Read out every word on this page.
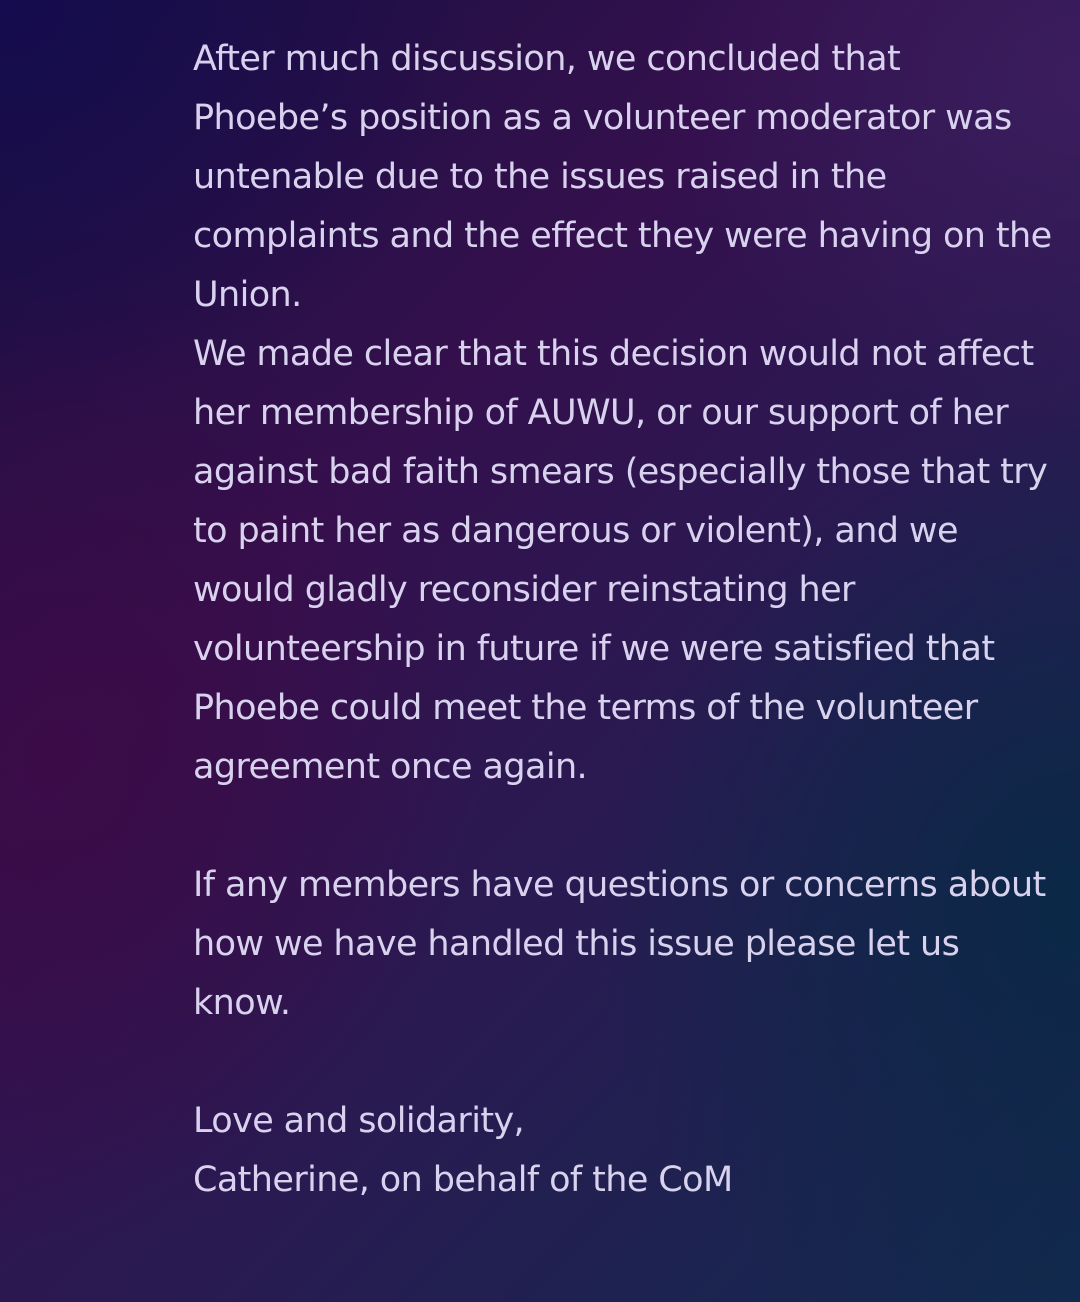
After much discussion, we concluded that Phoebe’s position as a volunteer moderator was untenable due to the issues raised in the complaints and the effect they were having on the Union.

We made clear that this decision would not affect her membership of AUWU, or our support of her against bad faith smears (especially those that try to paint her as dangerous or violent), and we would gladly reconsider reinstating her volunteership in future if we were satisfied that Phoebe could meet the terms of the volunteer agreement once again.

If any members have questions or concerns about how we have handled this issue please let us know.

Love and solidarity,

Catherine, on behalf of the CoM
